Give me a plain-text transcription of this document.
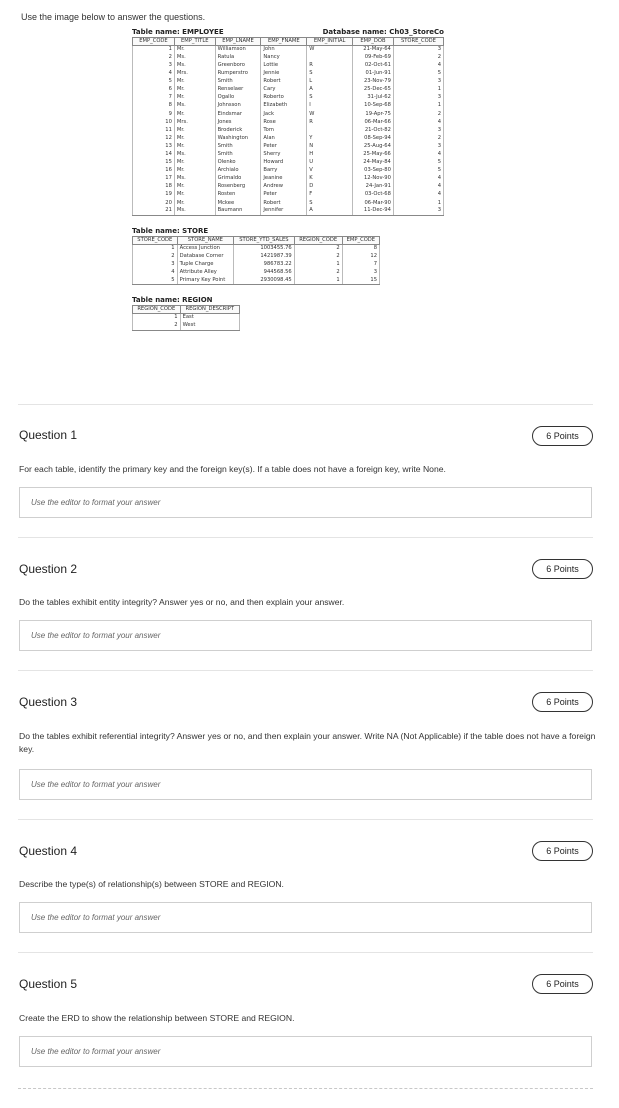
Use the image below to answer the questions.
Table name: EMPLOYEE	Database name: Ch03_StoreCo
EMP_CODE	EMP_TITLE	EMP_LNAME	EMP_FNAME	EMP_INITIAL	EMP_DOB	STORE_CODE
1	Mr.	Williamson	John	W	21-May-64	3
2	Ms.	Ratula	Nancy		09-Feb-69	2
3	Ms.	Greenboro	Lottie	R	02-Oct-61	4
4	Mrs.	Rumperstro	Jennie	S	01-Jun-91	5
5	Mr.	Smith	Robert	L	23-Nov-79	3
6	Mr.	Renselaer	Cary	A	25-Dec-65	1
7	Mr.	Ogallo	Roberto	S	31-Jul-62	3
8	Ms.	Johnsson	Elizabeth	I	10-Sep-68	1
9	Mr.	Eindsmar	Jack	W	19-Apr-75	2
10	Mrs.	Jones	Rose	R	06-Mar-66	4
11	Mr.	Broderick	Tom		21-Oct-82	3
12	Mr.	Washington	Alan	Y	08-Sep-94	2
13	Mr.	Smith	Peter	N	25-Aug-64	3
14	Ms.	Smith	Sherry	H	25-May-66	4
15	Mr.	Olenko	Howard	U	24-May-84	5
16	Mr.	Archialo	Barry	V	03-Sep-80	5
17	Ms.	Grimaldo	Jeanine	K	12-Nov-90	4
18	Mr.	Rosenberg	Andrew	D	24-Jan-91	4
19	Mr.	Rosten	Peter	F	03-Oct-68	4
20	Mr.	Mckee	Robert	S	06-Mar-90	1
21	Ms.	Baumann	Jennifer	A	11-Dec-94	3
Table name: STORE
STORE_CODE	STORE_NAME	STORE_YTD_SALES	REGION_CODE	EMP_CODE
1	Access Junction	1003455.76	2	8
2	Database Corner	1421987.39	2	12
3	Tuple Charge	986783.22	1	7
4	Attribute Alley	944568.56	2	3
5	Primary Key Point	2930098.45	1	15
Table name: REGION
REGION_CODE	REGION_DESCRIPT
1	East
2	West
Question 1	6 Points
For each table, identify the primary key and the foreign key(s). If a table does not have a foreign key, write None.
Use the editor to format your answer
Question 2	6 Points
Do the tables exhibit entity integrity? Answer yes or no, and then explain your answer.
Use the editor to format your answer
Question 3	6 Points
Do the tables exhibit referential integrity? Answer yes or no, and then explain your answer. Write NA (Not Applicable) if the table does not have a foreign key.
Use the editor to format your answer
Question 4	6 Points
Describe the type(s) of relationship(s) between STORE and REGION.
Use the editor to format your answer
Question 5	6 Points
Create the ERD to show the relationship between STORE and REGION.
Use the editor to format your answer
